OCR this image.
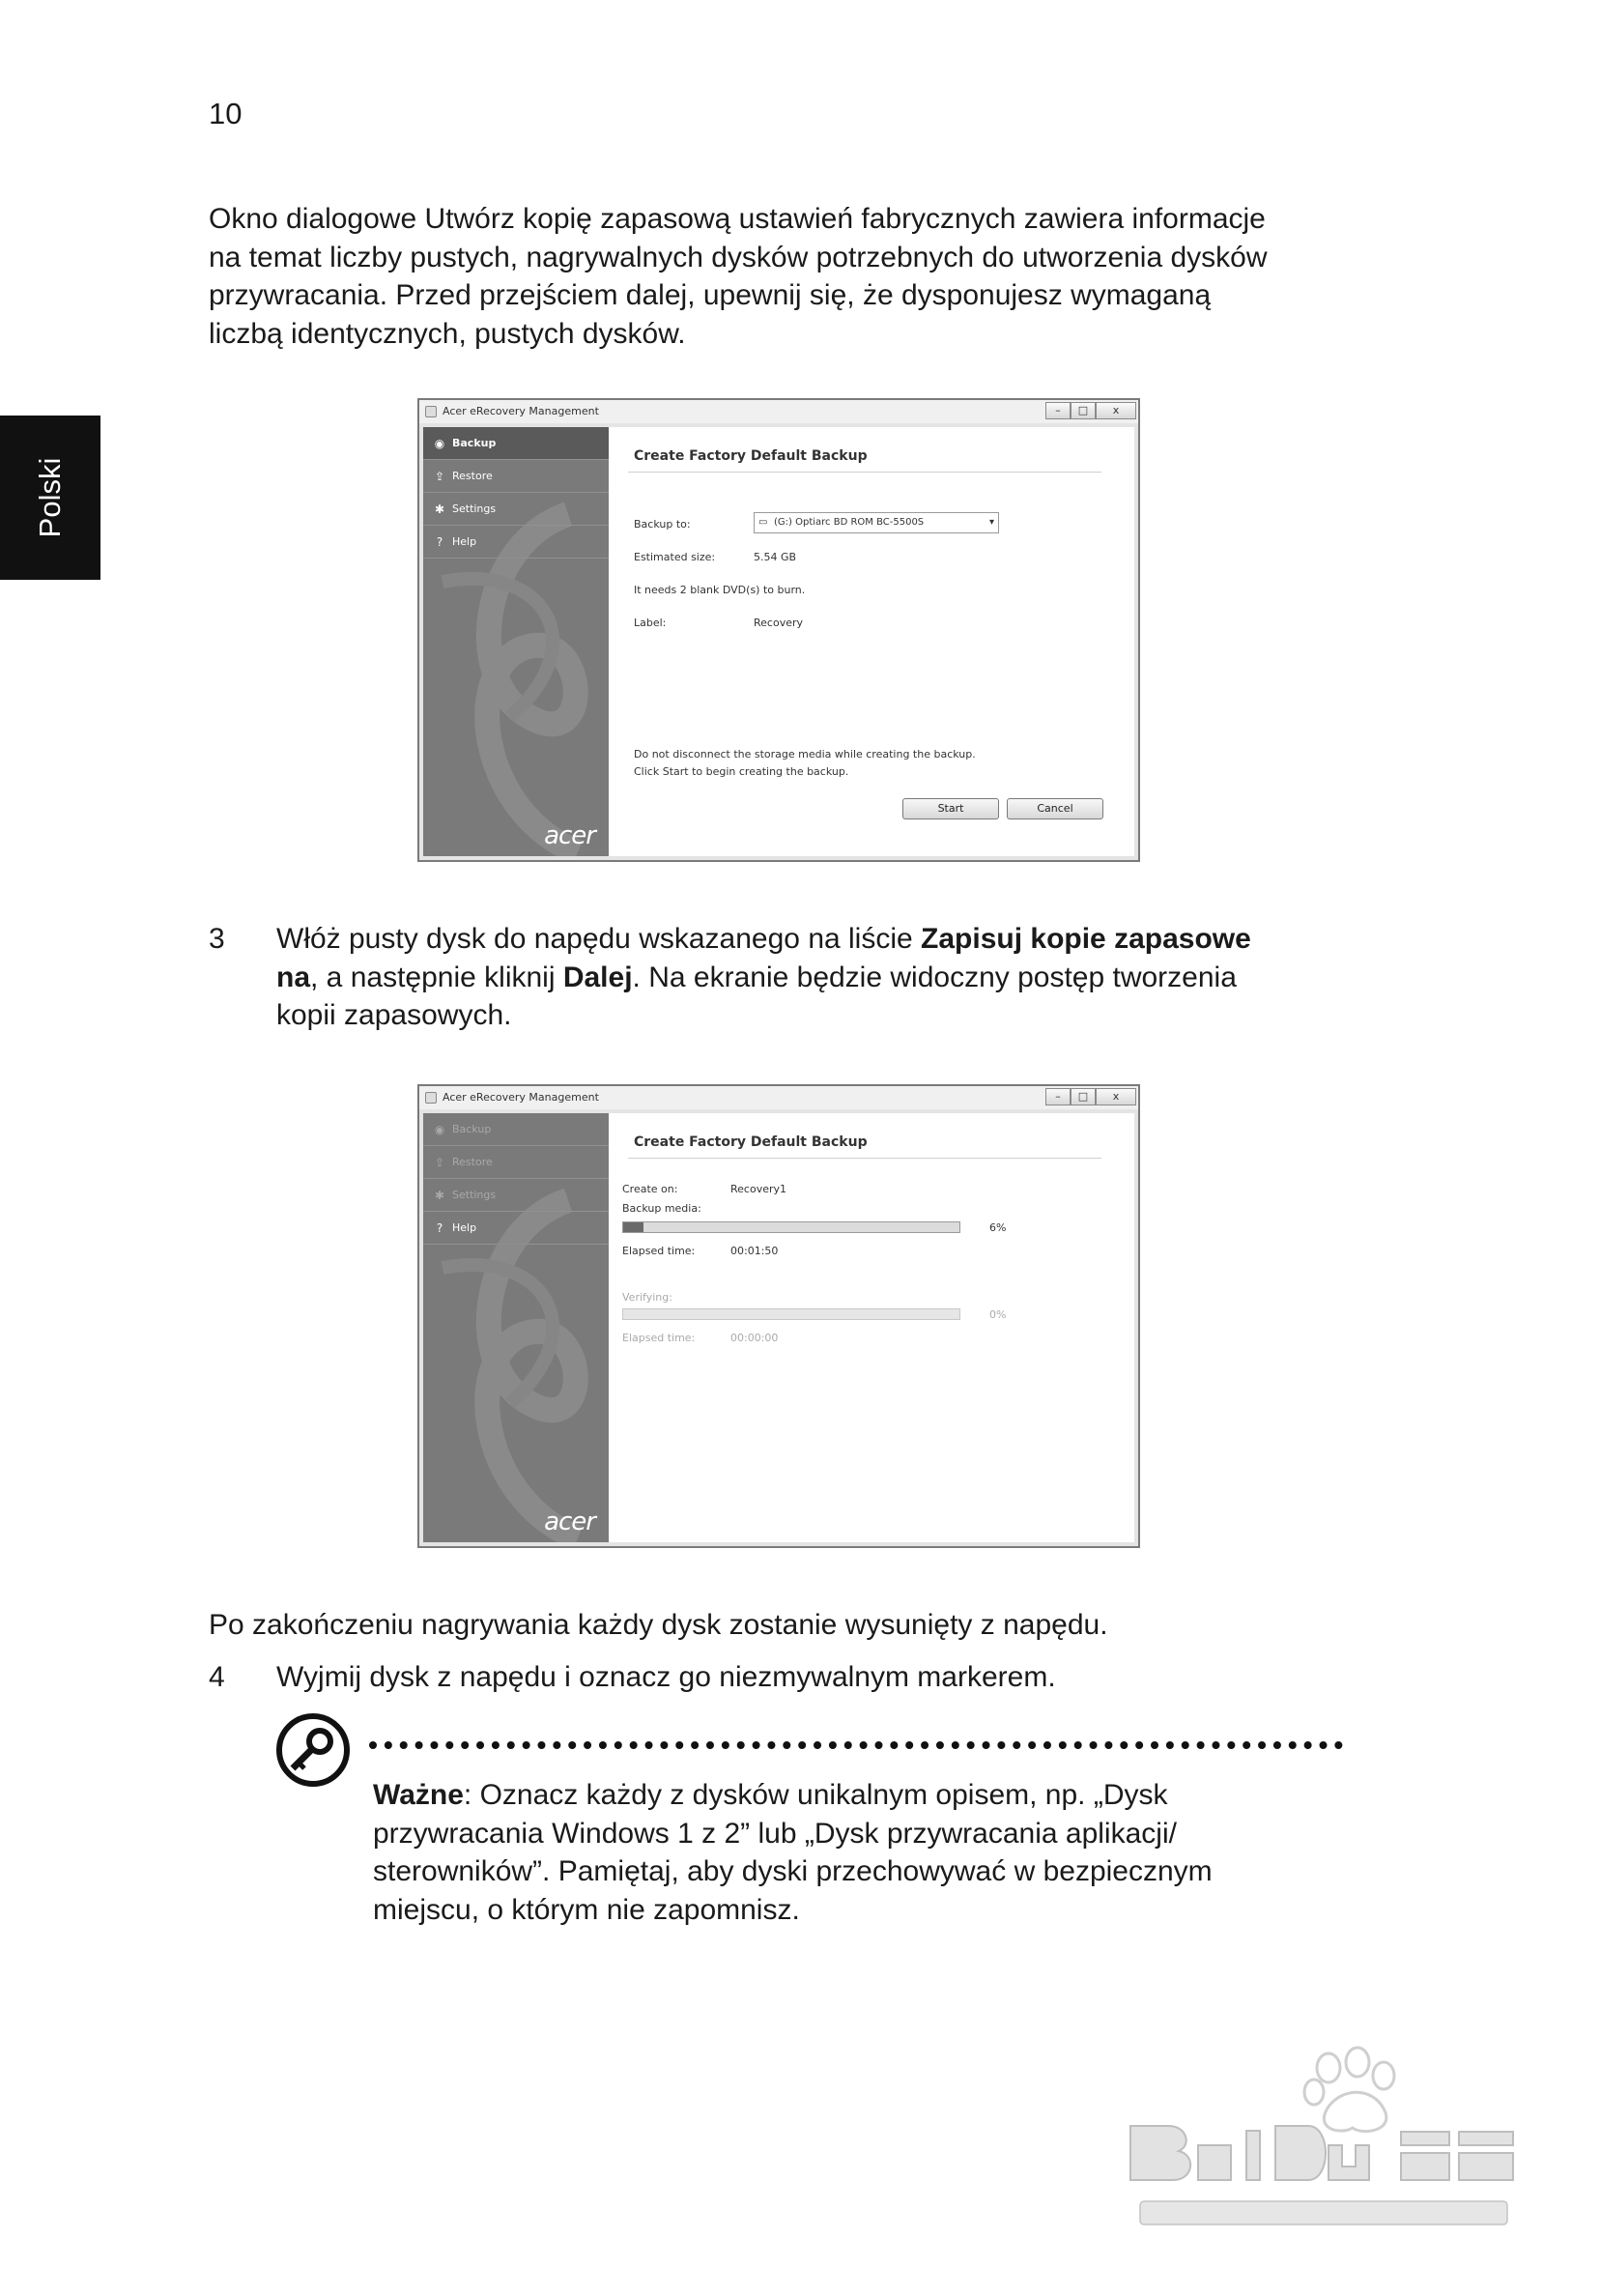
10
Polski
Okno dialogowe Utwórz kopię zapasową ustawień fabrycznych zawiera informacje
na temat liczby pustych, nagrywalnych dysków potrzebnych do utworzenia dysków
przywracania. Przed przejściem dalej, upewnij się, że dysponujesz wymaganą
liczbą identycznych, pustych dysków.
Acer eRecovery Management	–	□	x
◉ Backup
⇪ Restore
✱ Settings
? Help
acer
Create Factory Default Backup
Backup to:	▭ (G:) Optiarc BD ROM BC-5500S	▾
Estimated size:	5.54 GB
It needs 2 blank DVD(s) to burn.
Label:	Recovery
Do not disconnect the storage media while creating the backup.
Click Start to begin creating the backup.
Start	Cancel
3 Włóż pusty dysk do napędu wskazanego na liście Zapisuj kopie zapasowe
na, a następnie kliknij Dalej. Na ekranie będzie widoczny postęp tworzenia
kopii zapasowych.
Acer eRecovery Management	–	□	x
◉ Backup
⇪ Restore
✱ Settings
? Help
acer
Create Factory Default Backup
Create on:	Recovery1
Backup media:
6%
Elapsed time:	00:01:50
Verifying:
0%
Elapsed time:	00:00:00
Po zakończeniu nagrywania każdy dysk zostanie wysunięty z napędu.
4 Wyjmij dysk z napędu i oznacz go niezmywalnym markerem.
Ważne: Oznacz każdy z dysków unikalnym opisem, np. „Dysk
przywracania Windows 1 z 2” lub „Dysk przywracania aplikacji/
sterowników”. Pamiętaj, aby dyski przechowywać w bezpiecznym
miejscu, o którym nie zapomnisz.
